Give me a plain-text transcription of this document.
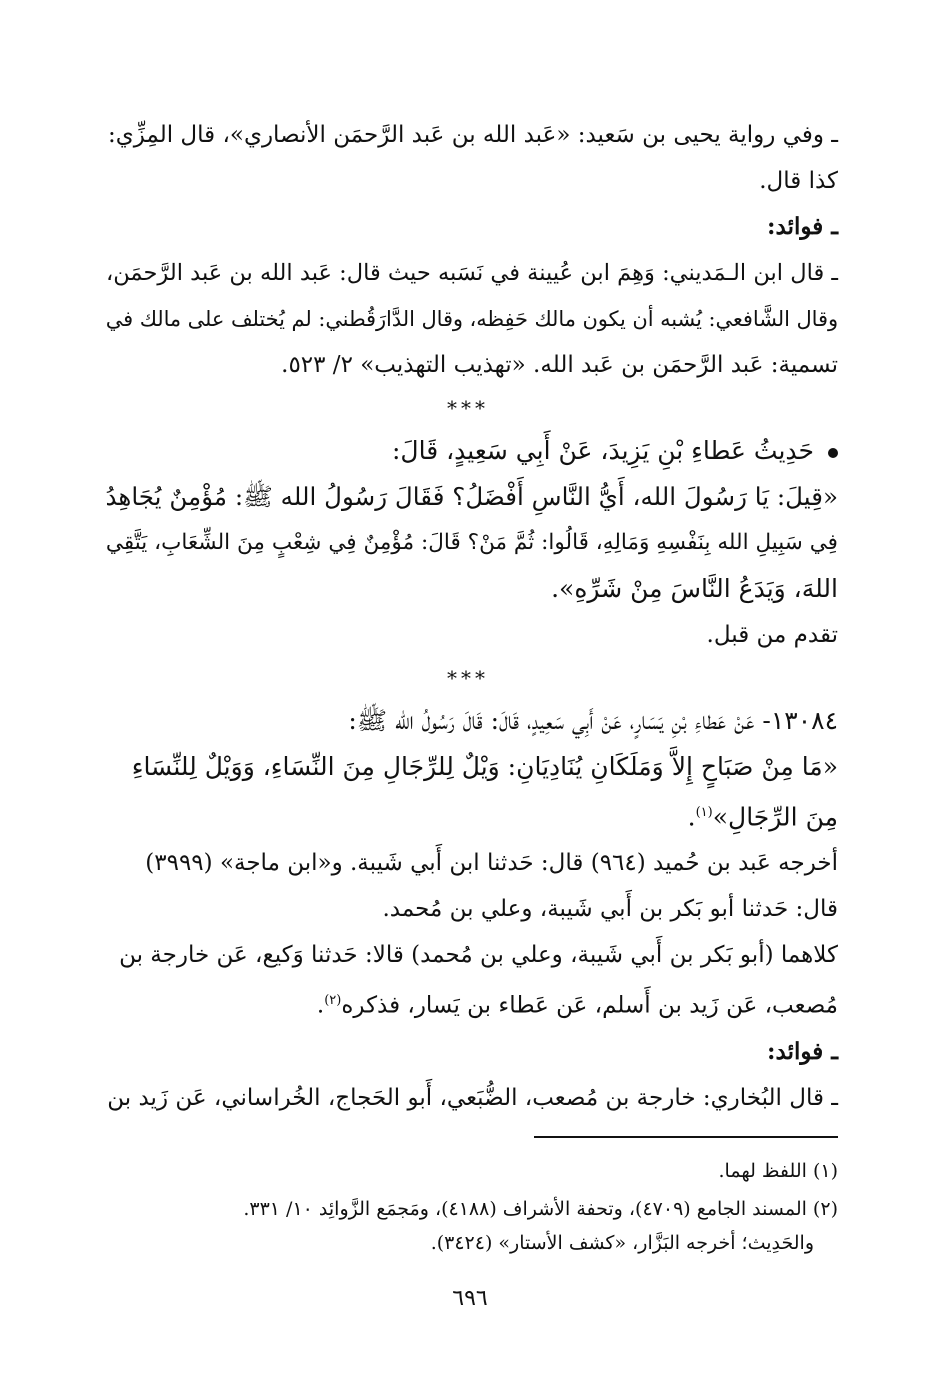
ـ وفي رواية يحيى بن سَعيد: «عَبد الله بن عَبد الرَّحمَن الأنصاري»، قال المِزِّي:

كذا قال.

ـ فوائد:

ـ قال ابن الـمَديني: وَهِمَ ابن عُيينة في نَسَبه حيث قال: عَبد الله بن عَبد الرَّحمَن،

وقال الشَّافعي: يُشبه أن يكون مالك حَفِظه، وقال الدَّارَقُطني: لم يُختلف على مالك في

تسمية: عَبد الرَّحمَن بن عَبد الله. «تهذيب التهذيب» ٢/ ٥٢٣.

***

حَدِيثُ عَطاءِ بْنِ يَزِيدَ، عَنْ أَبِي سَعِيدٍ، قَالَ:

«قِيلَ: يَا رَسُولَ الله، أَيُّ النَّاسِ أَفْضَلُ؟ فَقَالَ رَسُولُ الله ﷺ: مُؤْمِنٌ يُجَاهِدُ

فِي سَبِيلِ الله بِنَفْسِهِ وَمَالِهِ، قَالُوا: ثُمَّ مَنْ؟ قَالَ: مُؤْمِنٌ فِي شِعْبٍ مِنَ الشِّعَابِ، يَتَّقِي

اللهَ، وَيَدَعُ النَّاسَ مِنْ شَرِّهِ».

تقدم من قبل.

***

١٣٠٨٤- عَنْ عَطاءِ بْنِ يَسَارٍ، عَنْ أَبِي سَعِيدٍ، قَالَ: قَالَ رَسُولُ الله ﷺ:

«مَا مِنْ صَبَاحٍ إِلاَّ وَمَلَكَانِ يُنَادِيَانِ: وَيْلٌ لِلرِّجَالِ مِنَ النِّسَاءِ، وَوَيْلٌ لِلنِّسَاءِ

مِنَ الرِّجَالِ»$^{(١)}$.

أخرجه عَبد بن حُميد (٩٦٤) قال: حَدثنا ابن أَبي شَيبة. و«ابن ماجة» (٣٩٩٩)

قال: حَدثنا أبو بَكر بن أَبي شَيبة، وعلي بن مُحمد.

كلاهما (أبو بَكر بن أَبي شَيبة، وعلي بن مُحمد) قالا: حَدثنا وَكيع، عَن خارجة بن

مُصعب، عَن زَيد بن أَسلم، عَن عَطاء بن يَسار، فذكره$^{(٢)}$.

ـ فوائد:

ـ قال البُخاري: خارجة بن مُصعب، الضُّبَعي، أَبو الحَجاج، الخُراساني، عَن زَيد بن

(١) اللفظ لهما.

(٢) المسند الجامع (٤٧٠٩)، وتحفة الأشراف (٤١٨٨)، ومَجمَع الزَّوائِد ١٠/ ٣٣١.

والحَدِيث؛ أخرجه البَزَّار، «كشف الأستار» (٣٤٢٤).

٦٩٦
